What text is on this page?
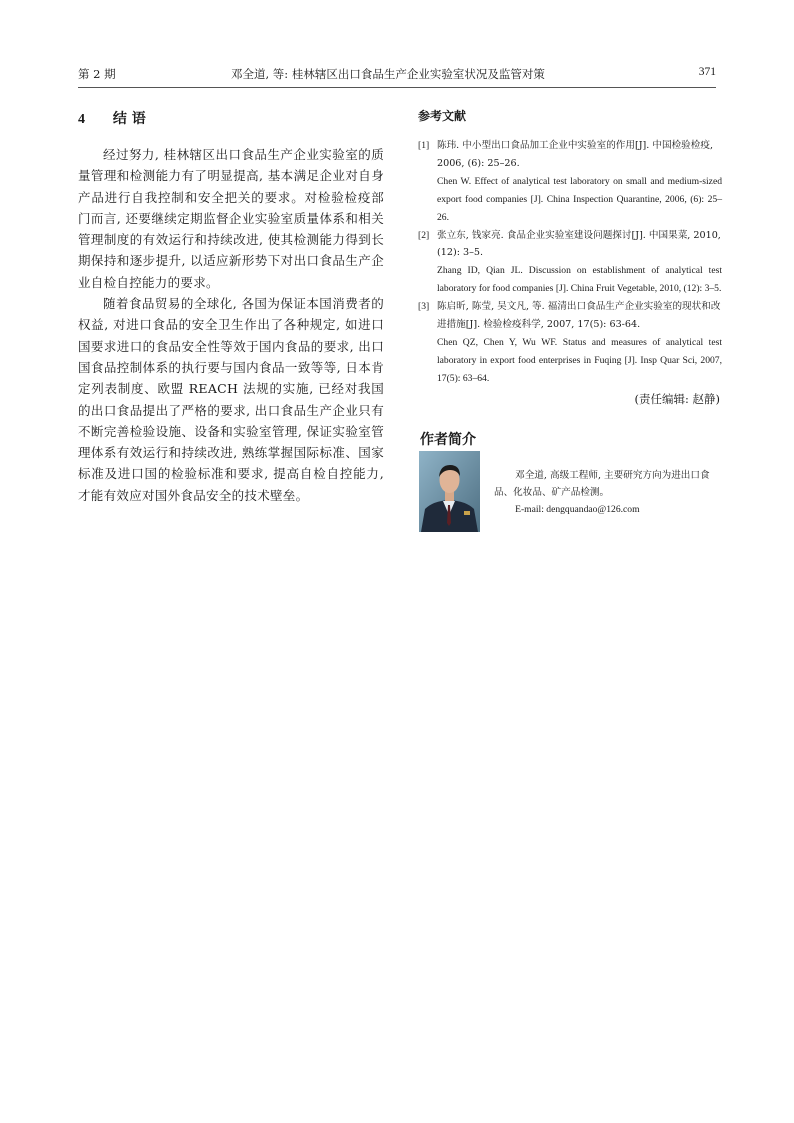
第 2 期	邓全道, 等: 桂林辖区出口食品生产企业实验室状况及监管对策	371
4 结 语

经过努力, 桂林辖区出口食品生产企业实验室的质量管理和检测能力有了明显提高, 基本满足企业对自身产品进行自我控制和安全把关的要求。对检验检疫部门而言, 还要继续定期监督企业实验室质量体系和相关管理制度的有效运行和持续改进, 使其检测能力得到长期保持和逐步提升, 以适应新形势下对出口食品生产企业自检自控能力的要求。

随着食品贸易的全球化, 各国为保证本国消费者的权益, 对进口食品的安全卫生作出了各种规定, 如进口国要求进口的食品安全性等效于国内食品的要求, 出口国食品控制体系的执行要与国内食品一致等等, 日本肯定列表制度、欧盟 REACH 法规的实施, 已经对我国的出口食品提出了严格的要求, 出口食品生产企业只有不断完善检验设施、设备和实验室管理, 保证实验室管理体系有效运行和持续改进, 熟练掌握国际标准、国家标准及进口国的检验标准和要求, 提高自检自控能力, 才能有效应对国外食品安全的技术壁垒。

参考文献
[1] 陈玮. 中小型出口食品加工企业中实验室的作用[J]. 中国检验检疫, 2006, (6): 25–26.
Chen W. Effect of analytical test laboratory on small and medium-sized export food companies [J]. China Inspection Quarantine, 2006, (6): 25–26.
[2] 张立东, 钱家亮. 食品企业实验室建设问题探讨[J]. 中国果菜, 2010, (12): 3–5.
Zhang ID, Qian JL. Discussion on establishment of analytical test laboratory for food companies [J]. China Fruit Vegetable, 2010, (12): 3–5.
[3] 陈启昕, 陈莹, 吴文凡, 等. 福清出口食品生产企业实验室的现状和改进措施[J]. 检验检疫科学, 2007, 17(5): 63-64.
Chen QZ, Chen Y, Wu WF. Status and measures of analytical test laboratory in export food enterprises in Fuqing [J]. Insp Quar Sci, 2007, 17(5): 63–64.
(责任编辑: 赵静)
作者简介
邓全道, 高级工程师, 主要研究方向为进出口食品、化妆品、矿产品检测。
E-mail: dengquandao@126.com
